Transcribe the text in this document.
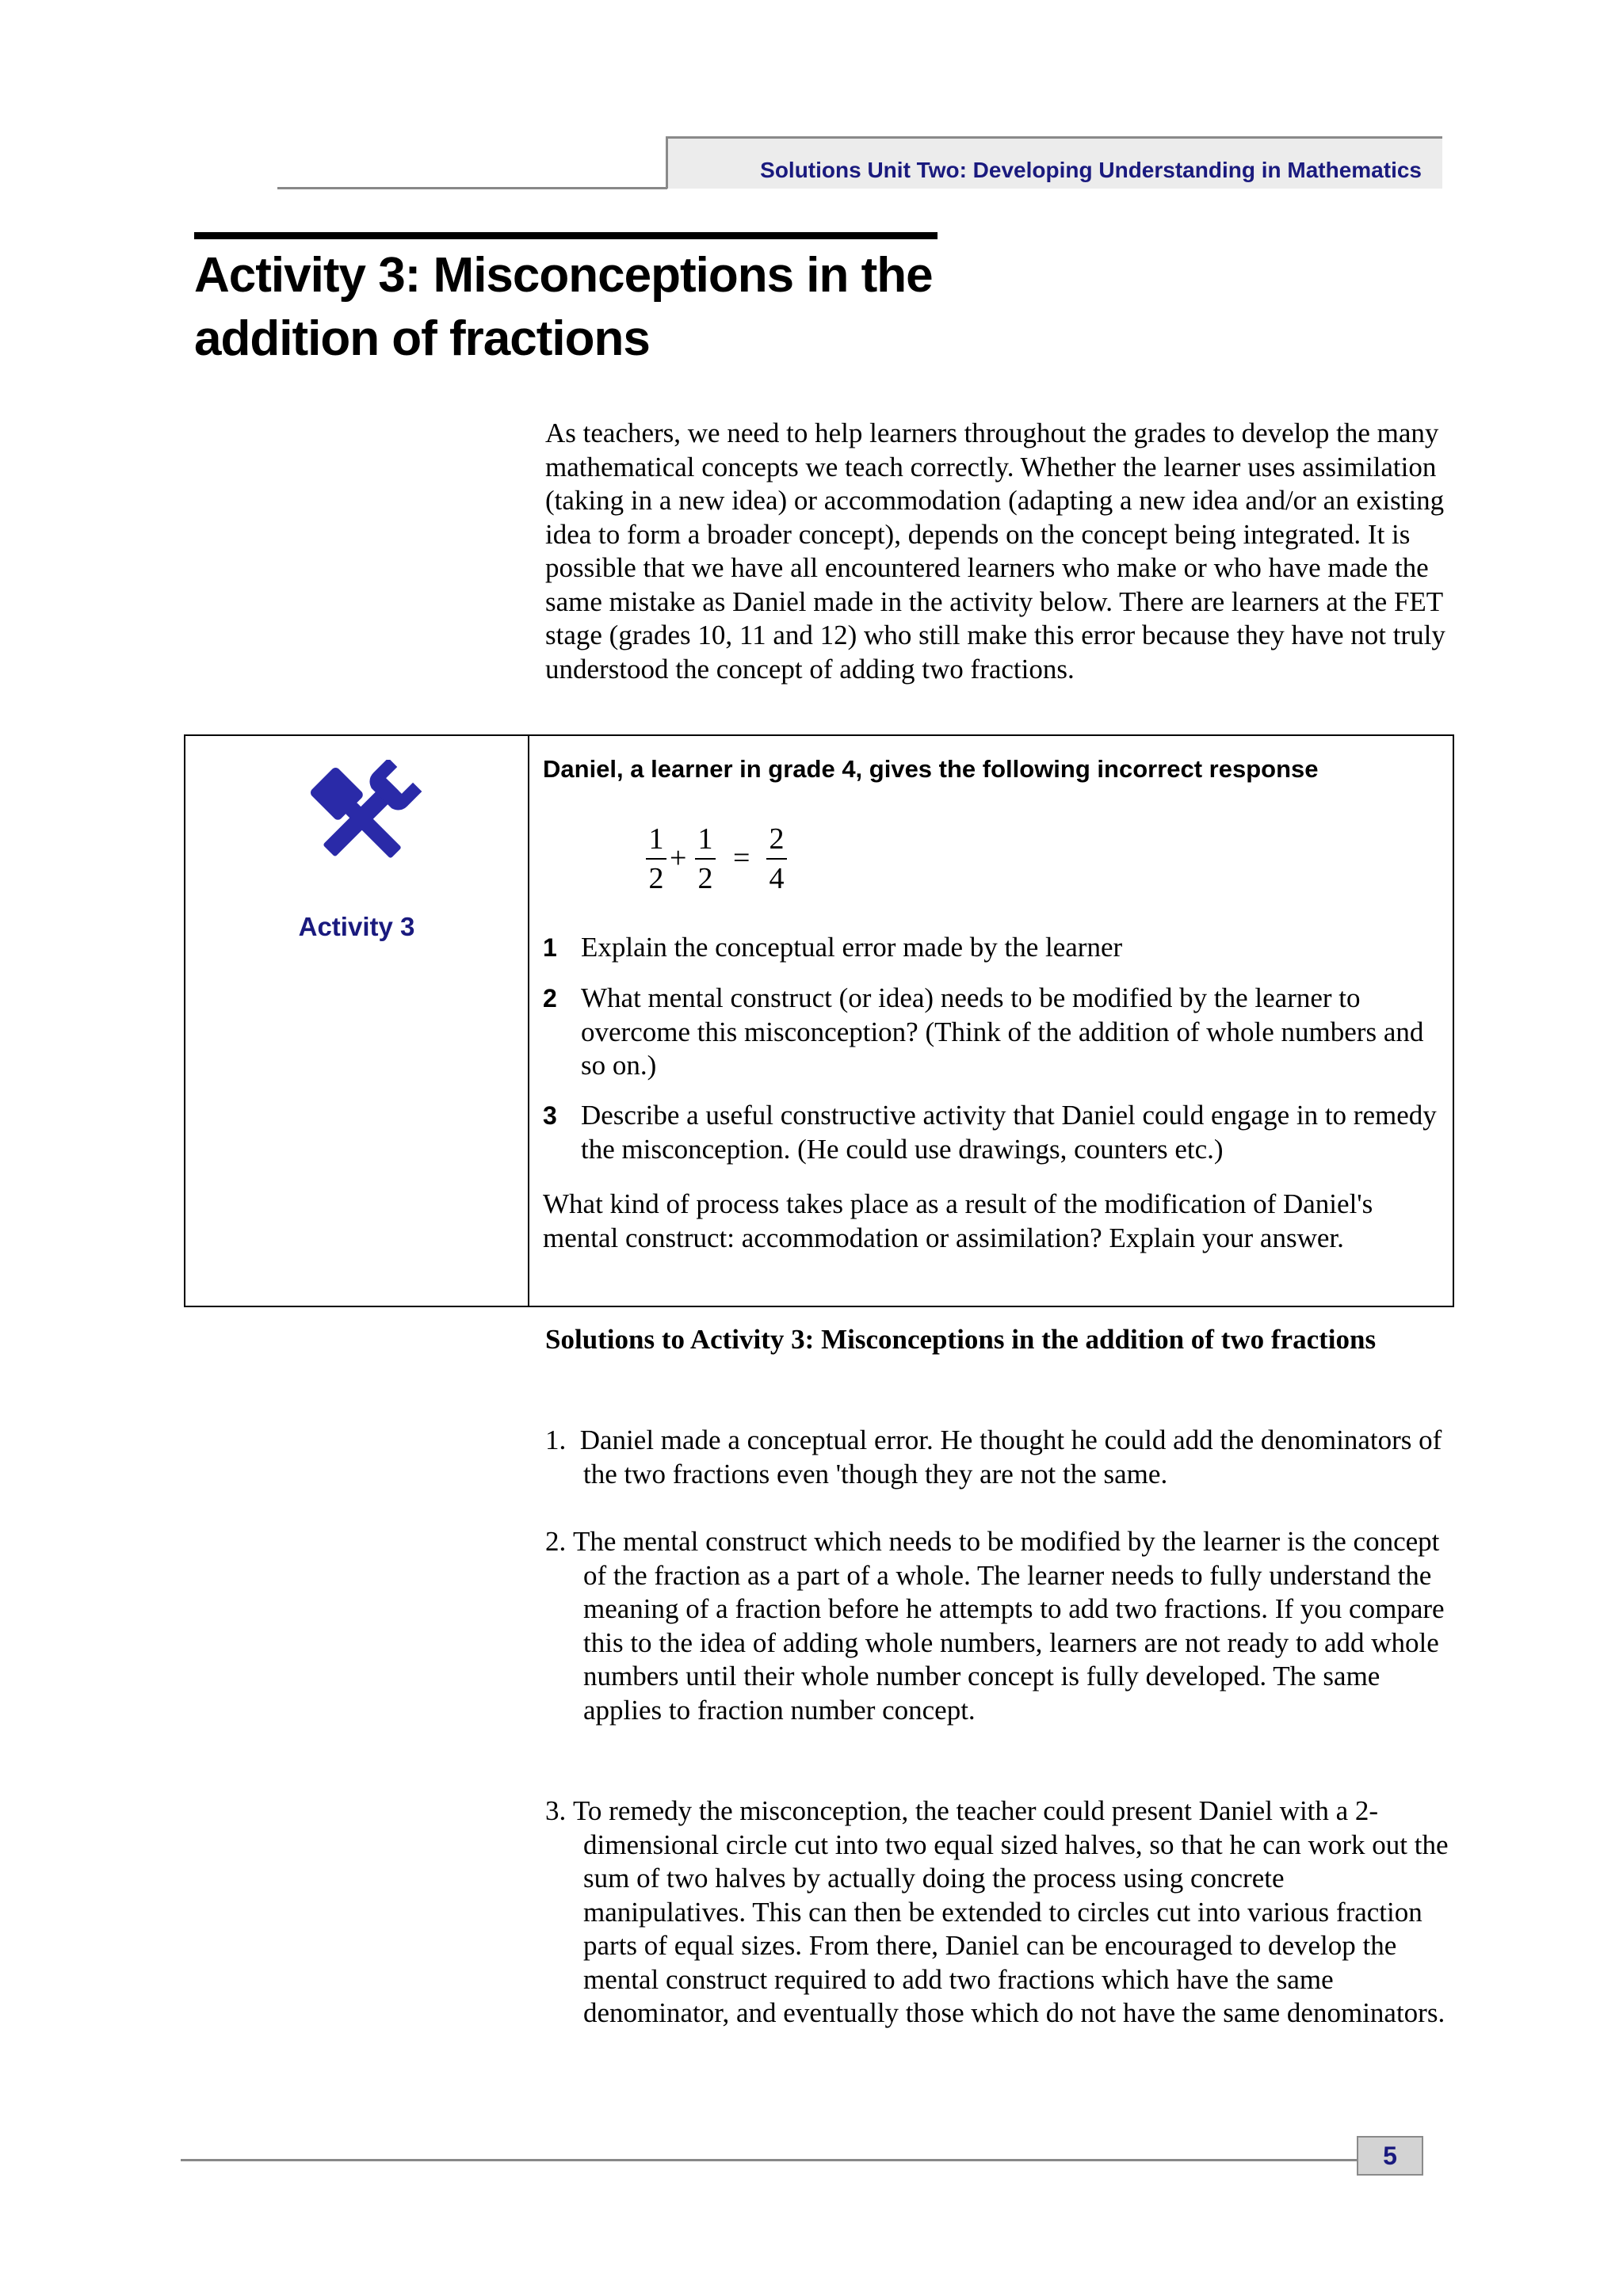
Solutions Unit Two: Developing Understanding in Mathematics
Activity 3: Misconceptions in the addition of fractions

As teachers, we need to help learners throughout the grades to develop the many mathematical concepts we teach correctly. Whether the learner uses assimilation (taking in a new idea) or accommodation (adapting a new idea and/or an existing idea to form a broader concept), depends on the concept being integrated. It is possible that we have all encountered learners who make or who have made the same mistake as Daniel made in the activity below. There are learners at the FET stage (grades 10, 11 and 12) who still make this error because they have not truly understood the concept of adding two fractions.

Activity 3
Daniel, a learner in grade 4, gives the following incorrect response
1
2
+
1
2
=
2
4
1 Explain the conceptual error made by the learner
2 What mental construct (or idea) needs to be modified by the learner to overcome this misconception? (Think of the addition of whole numbers and so on.)
3 Describe a useful constructive activity that Daniel could engage in to remedy the misconception. (He could use drawings, counters etc.)
What kind of process takes place as a result of the modification of Daniel's mental construct: accommodation or assimilation? Explain your answer.
Solutions to Activity 3: Misconceptions in the addition of two fractions
1. Daniel made a conceptual error. He thought he could add the denominators of the two fractions even 'though they are not the same.
2. The mental construct which needs to be modified by the learner is the concept of the fraction as a part of a whole. The learner needs to fully understand the meaning of a fraction before he attempts to add two fractions. If you compare this to the idea of adding whole numbers, learners are not ready to add whole numbers until their whole number concept is fully developed. The same applies to fraction number concept.
3. To remedy the misconception, the teacher could present Daniel with a 2-dimensional circle cut into two equal sized halves, so that he can work out the sum of two halves by actually doing the process using concrete manipulatives. This can then be extended to circles cut into various fraction parts of equal sizes. From there, Daniel can be encouraged to develop the mental construct required to add two fractions which have the same denominator, and eventually those which do not have the same denominators.
5
